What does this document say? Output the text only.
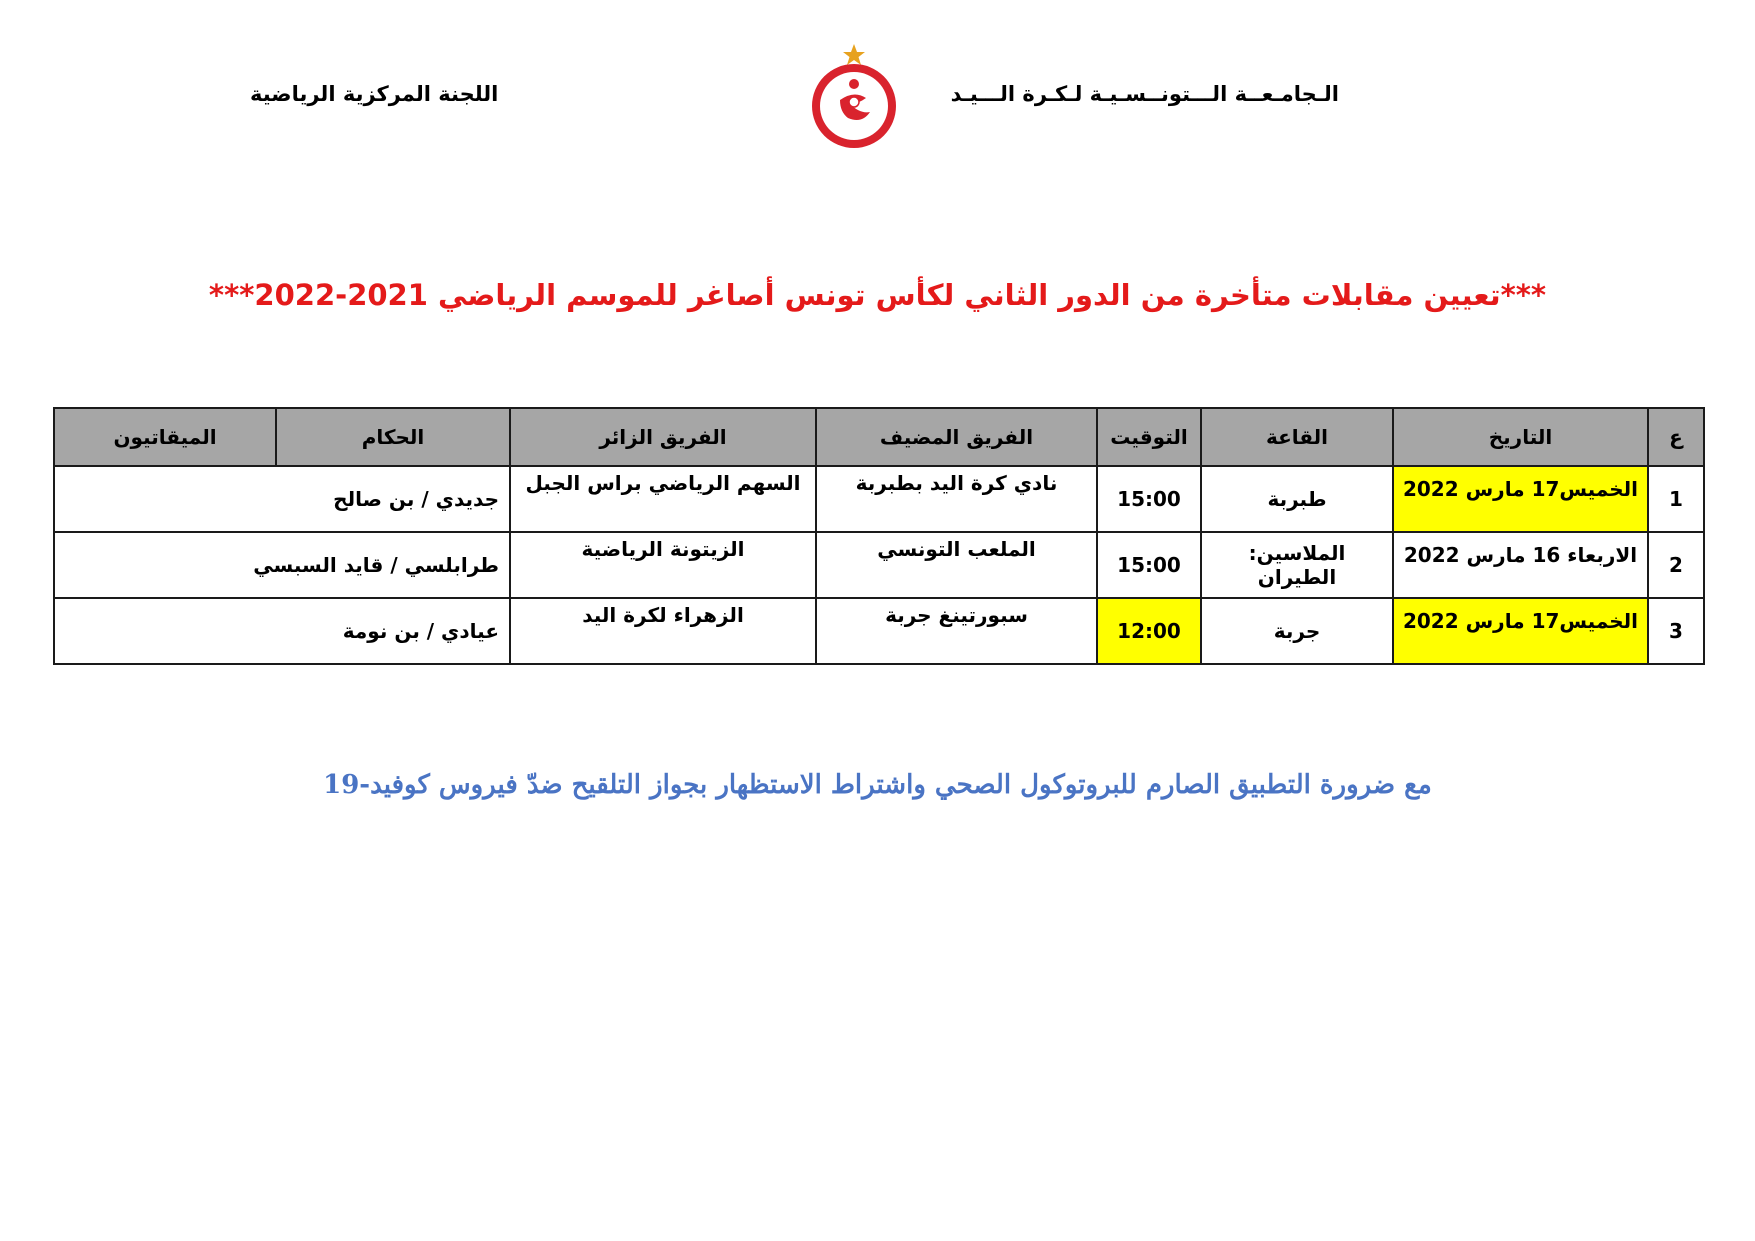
الـجامـعــة الـــتونــسـيـة لـكـرة الـــيـد
اللجنة المركزية الرياضية
***تعيين مقابلات متأخرة من الدور الثاني لكأس تونس أصاغر للموسم الرياضي 2021-2022***
ع	التاريخ	القاعة	التوقيت	الفريق المضيف	الفريق الزائر	الحكام	الميقاتيون
1	الخميس17 مارس 2022	طبربة	15:00	نادي كرة اليد بطبربة	السهم الرياضي براس الجبل	جديدي / بن صالح	
2	الاربعاء 16 مارس 2022	الملاسين: الطيران	15:00	الملعب التونسي	الزيتونة الرياضية	طرابلسي / قايد السبسي	
3	الخميس17 مارس 2022	جربة	12:00	سبورتينغ جربة	الزهراء لكرة اليد	عيادي / بن نومة	
مع ضرورة التطبيق الصارم للبروتوكول الصحي واشتراط الاستظهار بجواز التلقيح ضدّ فيروس كوفيد-19
